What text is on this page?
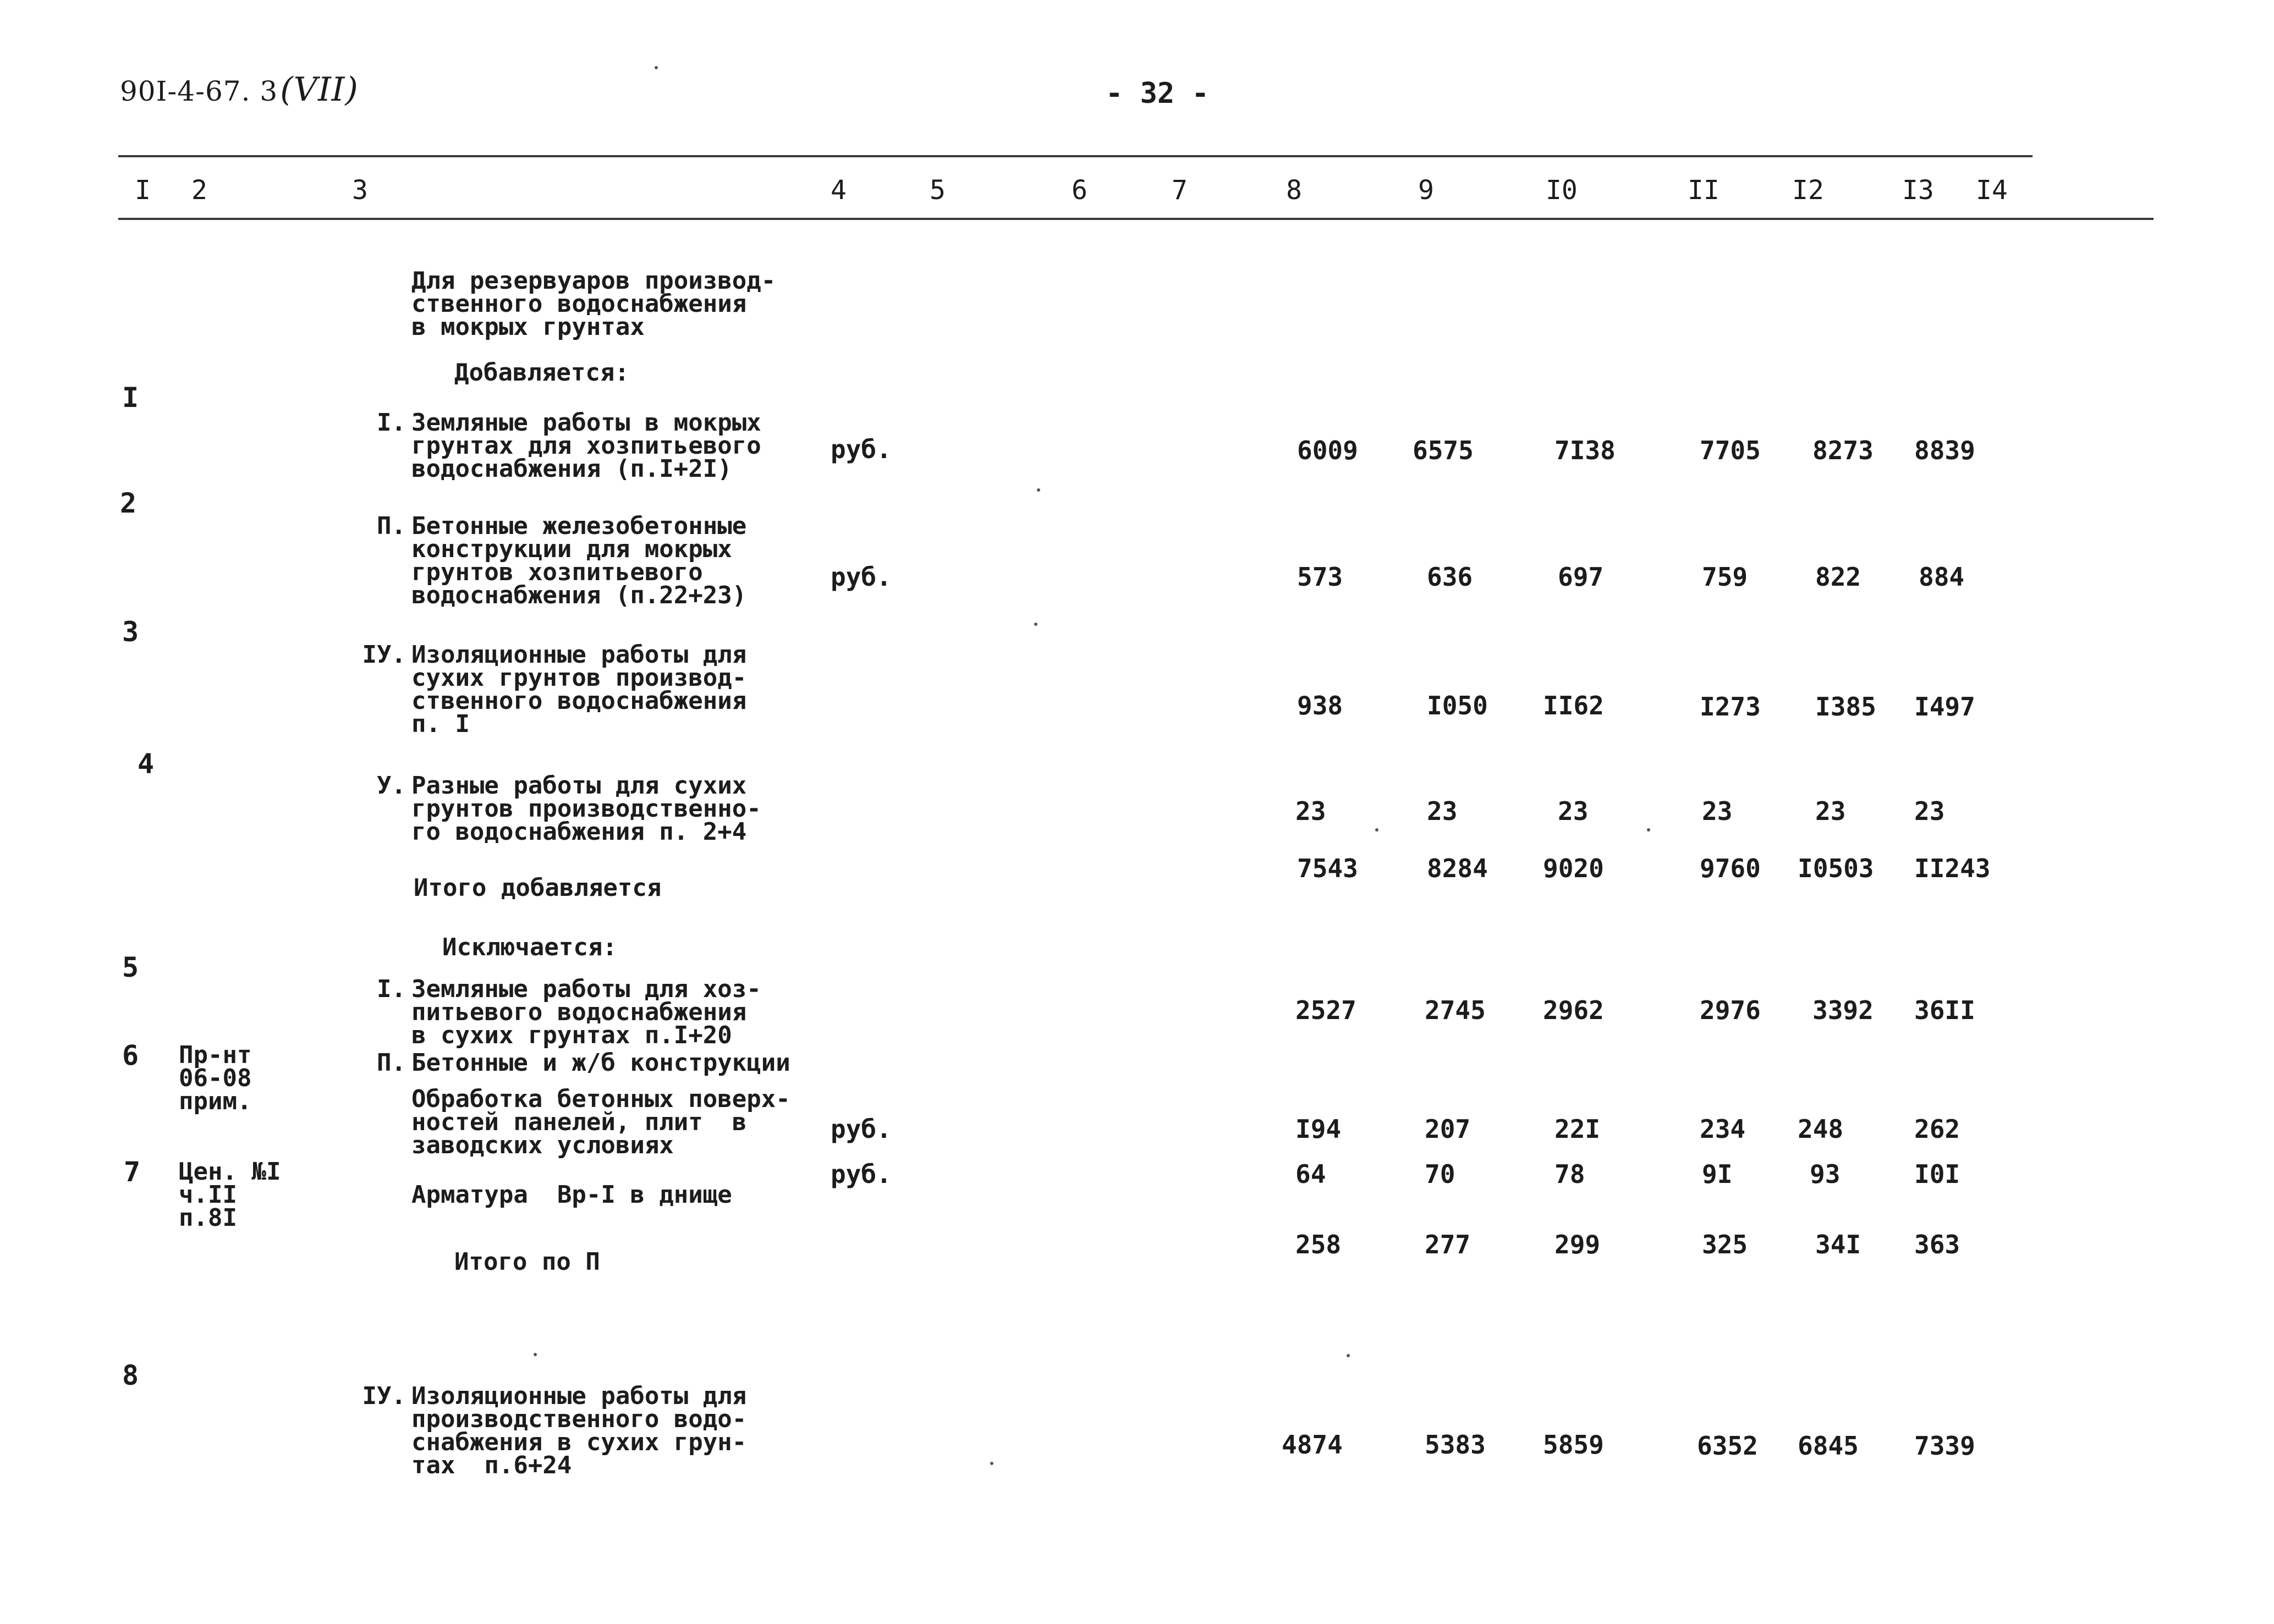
90I-4-67. 3(VII)	- 32 -
I 2	3	4	5	6	7	8	9	I0	II	I2	I3 I4

Для резервуаров производ-
ственного водоснабжения
в мокрых грунтах

Добавляется:

I

I. Земляные работы в мокрых
грунтах для хозпитьевого
водоснабжения (п.I+2I)

руб.	6009 6575	7I38	7705 8273 8839
2

П. Бетонные железобетонные
конструкции для мокрых
грунтов хозпитьевого
водоснабжения (п.22+23)

руб.	573	636	697	759	822 884
3

IУ. Изоляционные работы для
сухих грунтов производ-
ственного водоснабжения
п. I

938	I050 II62	I273 I385 I497
4

У. Разные работы для сухих
грунтов производственно-
го водоснабжения п. 2+4

23	23	23	23	23	23

Итого добавляется

7543	8284 9020	9760 I0503 II243

Исключается:

5

I. Земляные работы для хоз-
питьевого водоснабжения
в сухих грунтах п.I+20

2527	2745 2962	2976 3392 36II
6 Пр-нт
06-08
прим.

П. Бетонные и ж/б конструкции

Обработка бетонных поверх-
ностей панелей, плит  в
заводских условиях

руб.	I94	207	22I	234 248	262
7 Цен. №I
ч.II
п.8I

Арматура  Вр-I в днище

руб.	64	70	78	9I	93	I0I

Итого по П

258	277	299	325	34I 363
8

IУ. Изоляционные работы для
производственного водо-
снабжения в сухих грун-
тах  п.6+24

4874	5383 5859	6352 6845 7339
